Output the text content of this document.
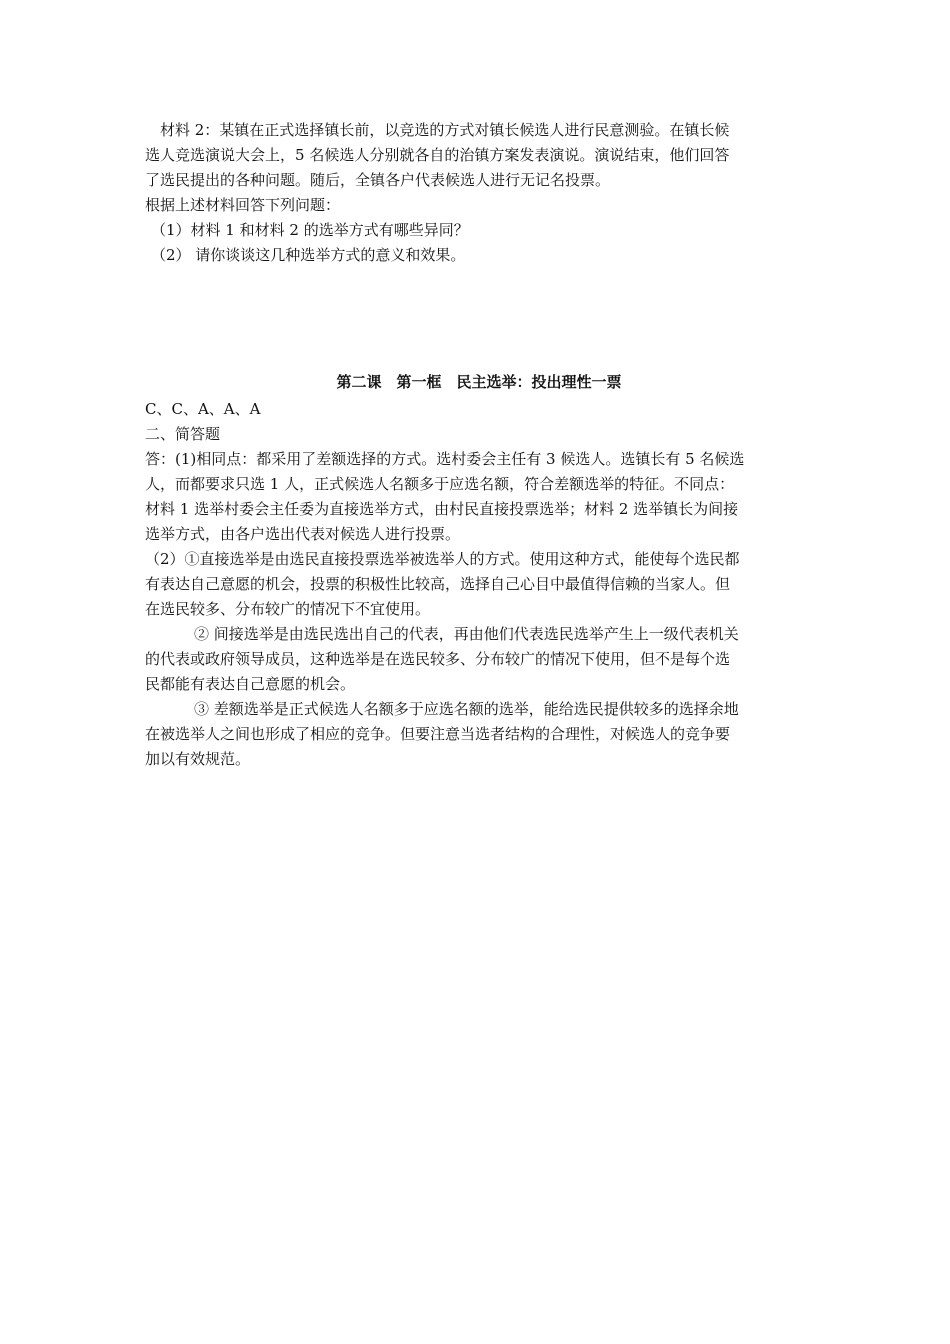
材料 2：某镇在正式选择镇长前，以竞选的方式对镇长候选人进行民意测验。在镇长候

选人竞选演说大会上，5 名候选人分别就各自的治镇方案发表演说。演说结束，他们回答

了选民提出的各种问题。随后，全镇各户代表候选人进行无记名投票。

根据上述材料回答下列问题：

（1）材料 1 和材料 2 的选举方式有哪些异同？

（2） 请你谈谈这几种选举方式的意义和效果。

第二课　第一框　民主选举：投出理性一票

C、C、A、A、A

二、简答题

答：(1)相同点：都采用了差额选择的方式。选村委会主任有 3 候选人。选镇长有 5 名候选

人，而都要求只选 1 人，正式候选人名额多于应选名额，符合差额选举的特征。不同点：

材料 1 选举村委会主任委为直接选举方式，由村民直接投票选举；材料 2 选举镇长为间接

选举方式，由各户选出代表对候选人进行投票。

（2）①直接选举是由选民直接投票选举被选举人的方式。使用这种方式，能使每个选民都

有表达自己意愿的机会，投票的积极性比较高，选择自己心目中最值得信赖的当家人。但

在选民较多、分布较广的情况下不宜使用。

② 间接选举是由选民选出自己的代表，再由他们代表选民选举产生上一级代表机关

的代表或政府领导成员，这种选举是在选民较多、分布较广的情况下使用，但不是每个选

民都能有表达自己意愿的机会。

③ 差额选举是正式候选人名额多于应选名额的选举，能给选民提供较多的选择余地

在被选举人之间也形成了相应的竞争。但要注意当选者结构的合理性，对候选人的竞争要

加以有效规范。
